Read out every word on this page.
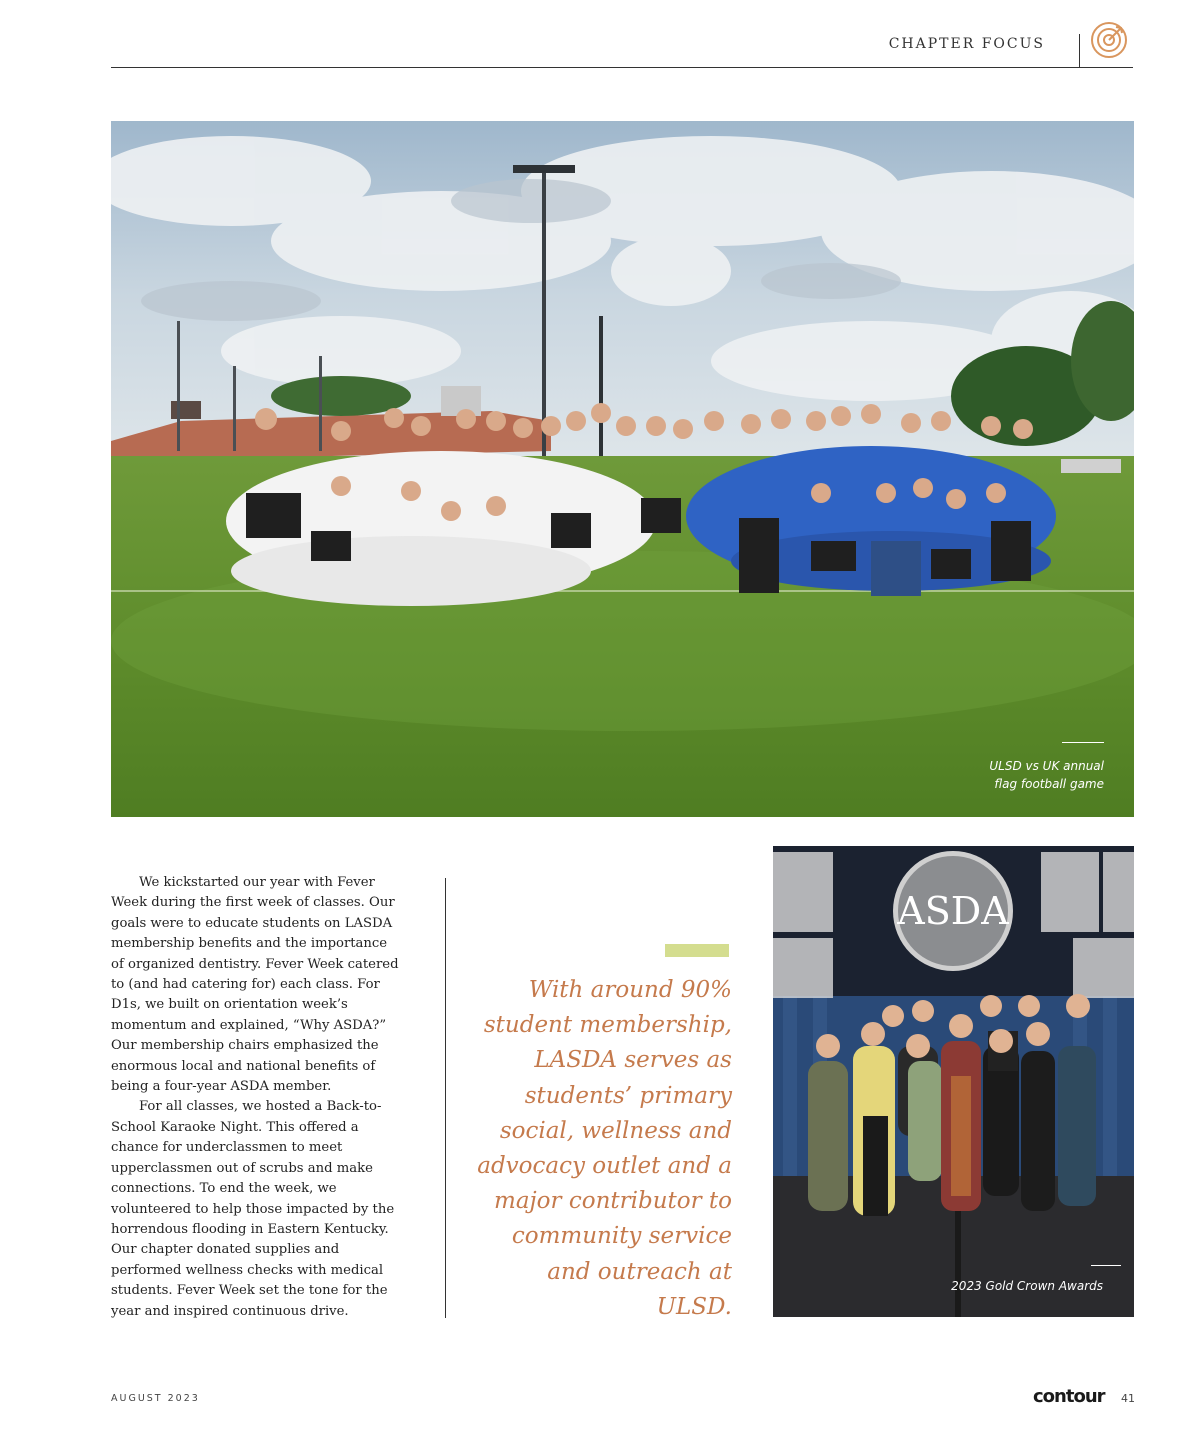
CHAPTER FOCUS
ULSD vs UK annual
flag football game

We kickstarted our year with Fever Week during the first week of classes. Our goals were to educate students on LASDA membership benefits and the importance of organized dentistry. Fever Week catered to (and had catering for) each class. For D1s, we built on orientation week’s momentum and explained, “Why ASDA?” Our membership chairs emphasized the enormous local and national benefits of being a four-year ASDA member.

For all classes, we hosted a Back-to-School Karaoke Night. This offered a chance for underclassmen to meet upperclassmen out of scrubs and make connections. To end the week, we volunteered to help those impacted by the horrendous flooding in Eastern Kentucky. Our chapter donated supplies and performed wellness checks with medical students. Fever Week set the tone for the year and inspired continuous drive.

With around 90% student membership, LASDA serves as students’ primary social, wellness and advocacy outlet and a major contributor to community service and outreach at ULSD.
ASDA
2023 Gold Crown Awards
AUGUST 2023	contour 41
